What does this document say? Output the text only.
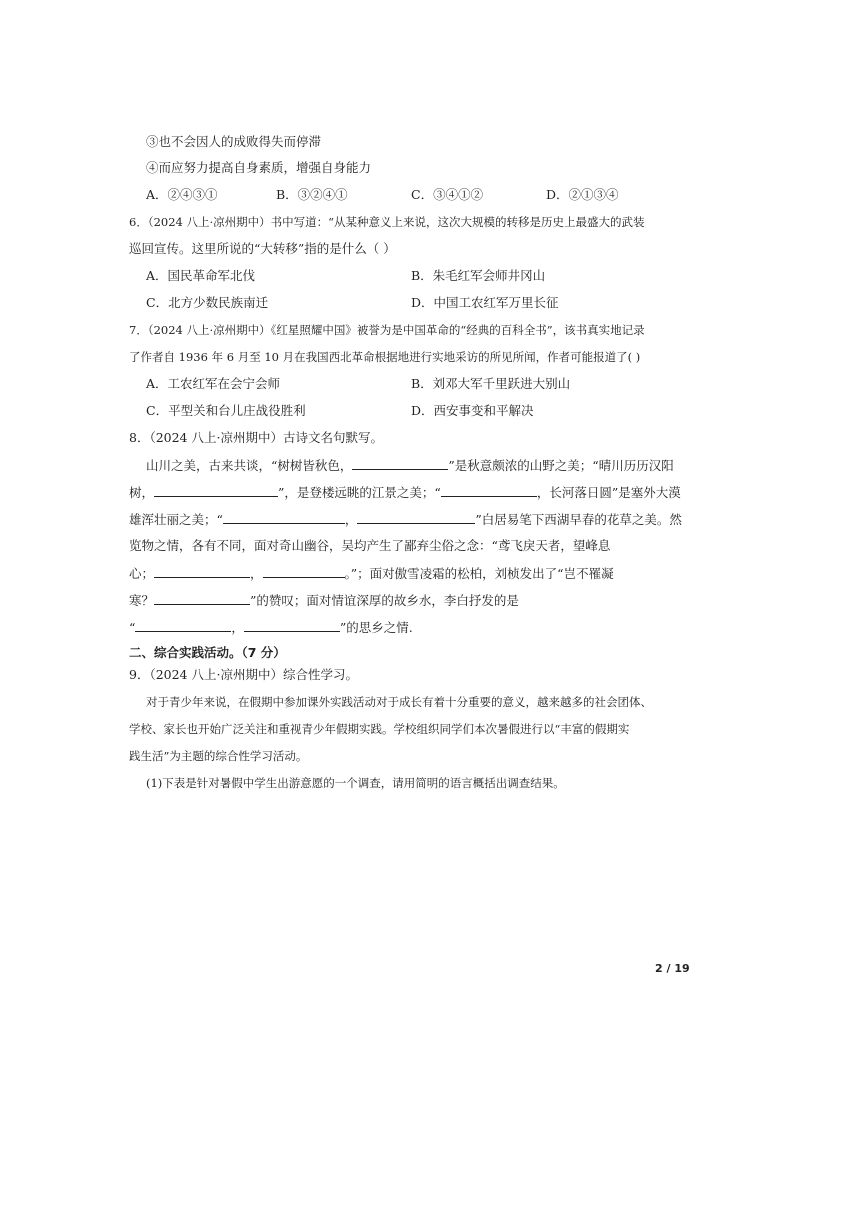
③也不会因人的成败得失而停滞
④而应努力提高自身素质，增强自身能力
A．②④③①	B．③②④①	C．③④①②	D．②①③④
6．（2024 八上·凉州期中）书中写道：“从某种意义上来说，这次大规模的转移是历史上最盛大的武装
巡回宣传。这里所说的“大转移”指的是什么（ ）
A．国民革命军北伐	B．朱毛红军会师井冈山
C．北方少数民族南迁	D．中国工农红军万里长征
7．（2024 八上·凉州期中）《红星照耀中国》被誉为是中国革命的“经典的百科全书”，该书真实地记录
了作者自 1936 年 6 月至 10 月在我国西北革命根据地进行实地采访的所见所闻，作者可能报道了( )
A．工农红军在会宁会师	B．刘邓大军千里跃进大别山
C．平型关和台儿庄战役胜利	D．西安事变和平解决
8．（2024 八上·凉州期中）古诗文名句默写。
山川之美，古来共谈，“树树皆秋色，	”是秋意颇浓的山野之美；“晴川历历汉阳
树，	”，是登楼远眺的江景之美；“	，长河落日圆”是塞外大漠
雄浑壮丽之美；“	，	”白居易笔下西湖早春的花草之美。然
览物之情，各有不同，面对奇山幽谷，吴均产生了鄙弃尘俗之念：“鸢飞戾天者，望峰息
心；	，	。”；面对傲雪凌霜的松柏，刘桢发出了“岂不罹凝
寒？	”的赞叹；面对情谊深厚的故乡水，李白抒发的是
“	，	”的思乡之情.
二、综合实践活动。（7 分）
9．（2024 八上·凉州期中）综合性学习。
对于青少年来说，在假期中参加课外实践活动对于成长有着十分重要的意义，越来越多的社会团体、
学校、家长也开始广泛关注和重视青少年假期实践。学校组织同学们本次暑假进行以“丰富的假期实
践生活”为主题的综合性学习活动。
(1)下表是针对暑假中学生出游意愿的一个调查，请用简明的语言概括出调查结果。
2 / 19
